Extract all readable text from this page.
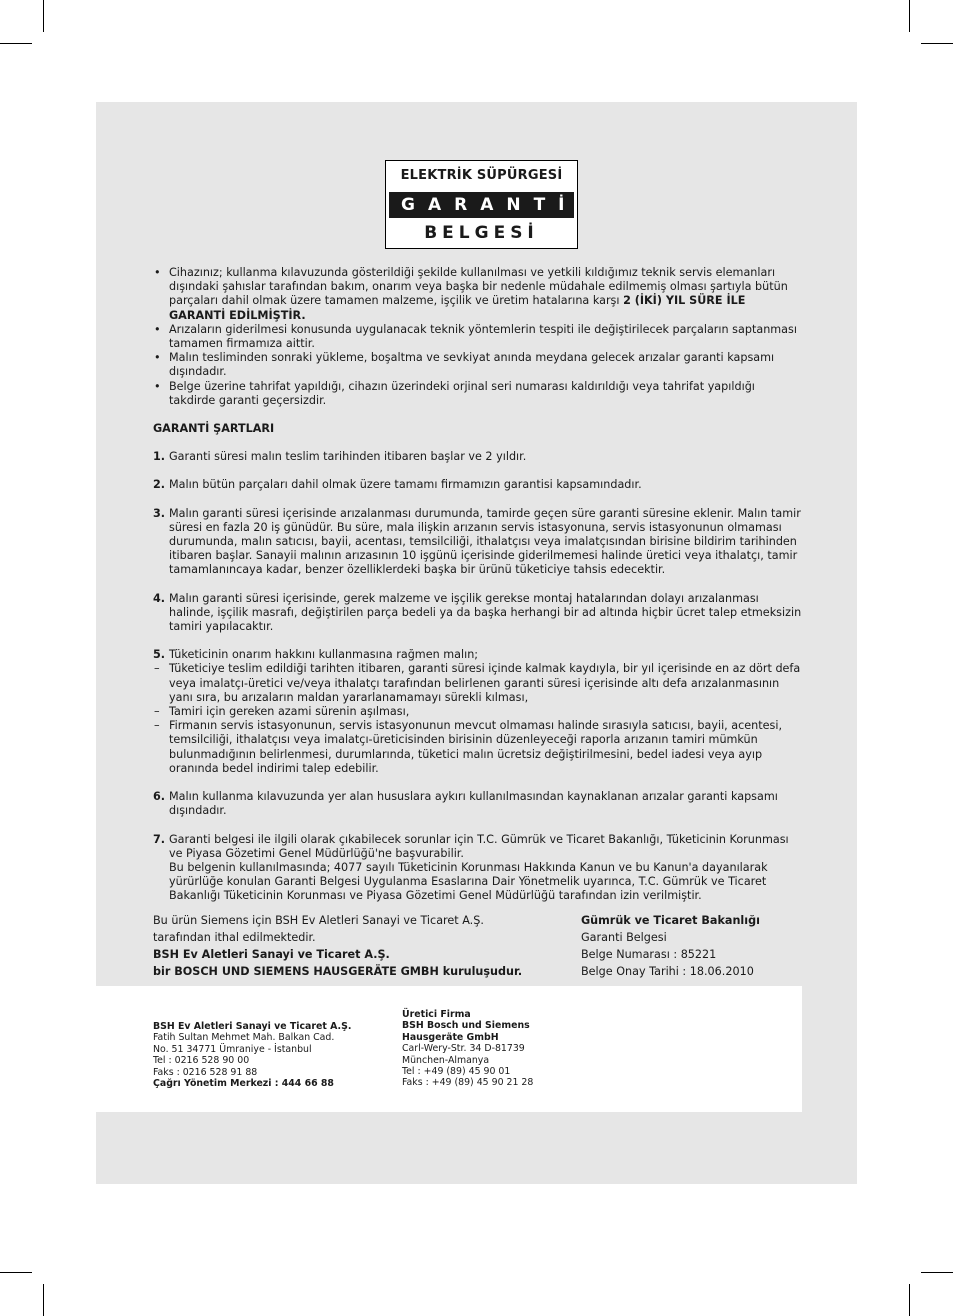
ELEKTRİK SÜPÜRGESİ
GARANTİ
BELGESİ
• Cihazınız; kullanma kılavuzunda gösterildiği şekilde kullanılması ve yetkili kıldığımız teknik servis elemanları dışındaki şahıslar tarafından bakım, onarım veya başka bir nedenle müdahale edilmemiş olması şartıyla bütün parçaları dahil olmak üzere tamamen malzeme, işçilik ve üretim hatalarına karşı 2 (İKİ) YIL SÜRE İLE GARANTİ EDİLMİŞTİR.
• Arızaların giderilmesi konusunda uygulanacak teknik yöntemlerin tespiti ile değiştirilecek parçaların saptanması tamamen firmamıza aittir.
• Malın tesliminden sonraki yükleme, boşaltma ve sevkiyat anında meydana gelecek arızalar garanti kapsamı dışındadır.
• Belge üzerine tahrifat yapıldığı, cihazın üzerindeki orjinal seri numarası kaldırıldığı veya tahrifat yapıldığı takdirde garanti geçersizdir.
GARANTİ ŞARTLARI
1. Garanti süresi malın teslim tarihinden itibaren başlar ve 2 yıldır.
2. Malın bütün parçaları dahil olmak üzere tamamı firmamızın garantisi kapsamındadır.
3. Malın garanti süresi içerisinde arızalanması durumunda, tamirde geçen süre garanti süresine eklenir. Malın tamir süresi en fazla 20 iş günüdür. Bu süre, mala ilişkin arızanın servis istasyonuna, servis istasyonunun olmaması durumunda, malın satıcısı, bayii, acentası, temsilciliği, ithalatçısı veya imalatçısından birisine bildirim tarihinden itibaren başlar. Sanayii malının arızasının 10 işgünü içerisinde giderilmemesi halinde üretici veya ithalatçı, tamir tamamlanıncaya kadar, benzer özelliklerdeki başka bir ürünü tüketiciye tahsis edecektir.
4. Malın garanti süresi içerisinde, gerek malzeme ve işçilik gerekse montaj hatalarından dolayı arızalanması halinde, işçilik masrafı, değiştirilen parça bedeli ya da başka herhangi bir ad altında hiçbir ücret talep etmeksizin tamiri yapılacaktır.
5. Tüketicinin onarım hakkını kullanmasına rağmen malın;
– Tüketiciye teslim edildiği tarihten itibaren, garanti süresi içinde kalmak kaydıyla, bir yıl içerisinde en az dört defa veya imalatçı-üretici ve/veya ithalatçı tarafından belirlenen garanti süresi içerisinde altı defa arızalanmasının yanı sıra, bu arızaların maldan yararlanamamayı sürekli kılması,
– Tamiri için gereken azami sürenin aşılması,
– Firmanın servis istasyonunun, servis istasyonunun mevcut olmaması halinde sırasıyla satıcısı, bayii, acentesi, temsilciliği, ithalatçısı veya imalatçı-üreticisinden birisinin düzenleyeceği raporla arızanın tamiri mümkün bulunmadığının belirlenmesi, durumlarında, tüketici malın ücretsiz değiştirilmesini, bedel iadesi veya ayıp oranında bedel indirimi talep edebilir.
6. Malın kullanma kılavuzunda yer alan hususlara aykırı kullanılmasından kaynaklanan arızalar garanti kapsamı dışındadır.
7. Garanti belgesi ile ilgili olarak çıkabilecek sorunlar için T.C. Gümrük ve Ticaret Bakanlığı, Tüketicinin Korunması ve Piyasa Gözetimi Genel Müdürlüğü'ne başvurabilir.
Bu belgenin kullanılmasında; 4077 sayılı Tüketicinin Korunması Hakkında Kanun ve bu Kanun'a dayanılarak yürürlüğe konulan Garanti Belgesi Uygulanma Esaslarına Dair Yönetmelik uyarınca, T.C. Gümrük ve Ticaret Bakanlığı Tüketicinin Korunması ve Piyasa Gözetimi Genel Müdürlüğü tarafından izin verilmiştir.
Bu ürün Siemens için BSH Ev Aletleri Sanayi ve Ticaret A.Ş.
tarafından ithal edilmektedir.
BSH Ev Aletleri Sanayi ve Ticaret A.Ş.
bir BOSCH UND SIEMENS HAUSGERÄTE GMBH kuruluşudur.
Gümrük ve Ticaret Bakanlığı
Garanti Belgesi
Belge Numarası : 85221
Belge Onay Tarihi : 18.06.2010
BSH Ev Aletleri Sanayi ve Ticaret A.Ş.
Fatih Sultan Mehmet Mah. Balkan Cad.
No. 51 34771 Ümraniye - İstanbul
Tel : 0216 528 90 00
Faks : 0216 528 91 88
Çağrı Yönetim Merkezi : 444 66 88
Üretici Firma
BSH Bosch und Siemens
Hausgeräte GmbH
Carl-Wery-Str. 34 D-81739
München-Almanya
Tel : +49 (89) 45 90 01
Faks : +49 (89) 45 90 21 28
